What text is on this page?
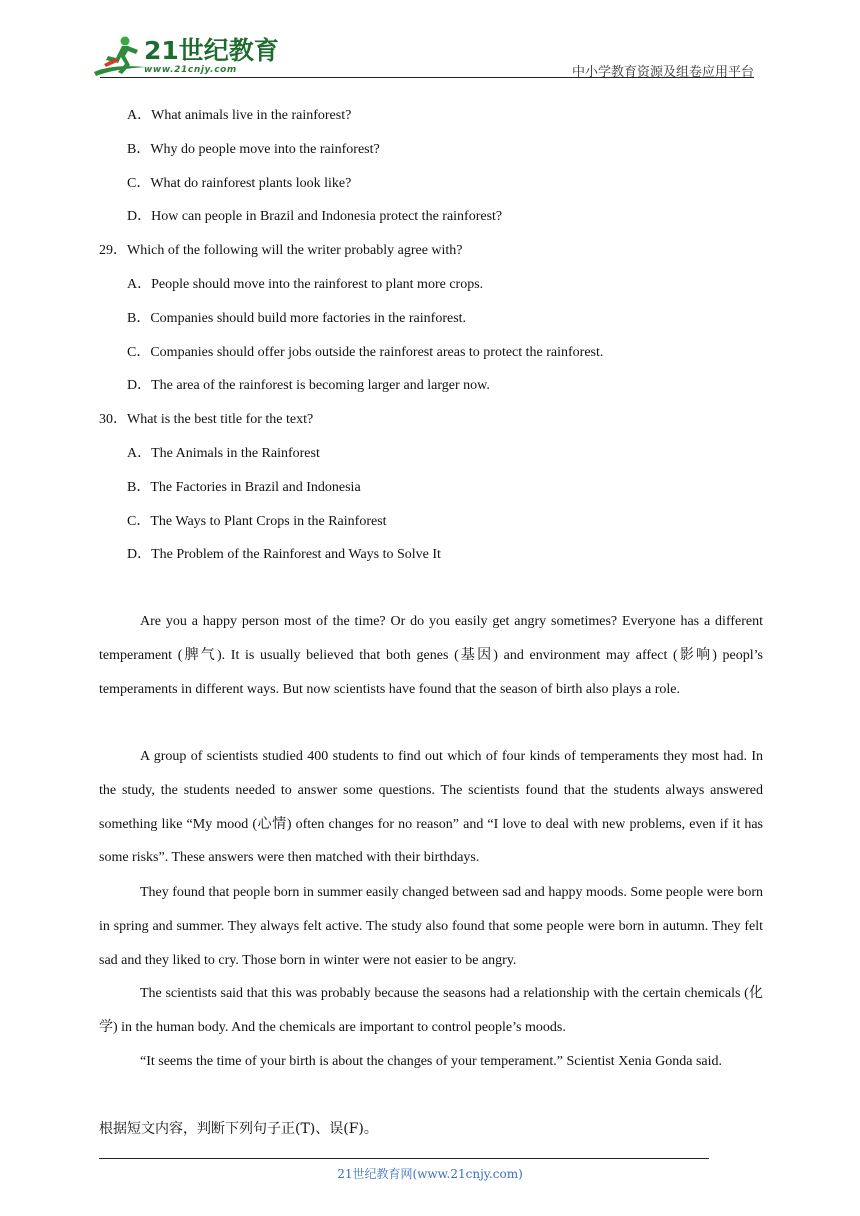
21世纪教育
www.21cnjy.com	中小学教育资源及组卷应用平台
A．What animals live in the rainforest?
B．Why do people move into the rainforest?
C．What do rainforest plants look like?
D．How can people in Brazil and Indonesia protect the rainforest?
29．Which of the following will the writer probably agree with?
A．People should move into the rainforest to plant more crops.
B．Companies should build more factories in the rainforest.
C．Companies should offer jobs outside the rainforest areas to protect the rainforest.
D．The area of the rainforest is becoming larger and larger now.
30．What is the best title for the text?
A．The Animals in the Rainforest
B．The Factories in Brazil and Indonesia
C．The Ways to Plant Crops in the Rainforest
D．The Problem of the Rainforest and Ways to Solve It

Are you a happy person most of the time? Or do you easily get angry sometimes? Everyone has a different temperament (脾气). It is usually believed that both genes (基因) and environment may affect (影响) peopl’s temperaments in different ways. But now scientists have found that the season of birth also plays a role.

A group of scientists studied 400 students to find out which of four kinds of temperaments they most had. In the study, the students needed to answer some questions. The scientists found that the students always answered something like “My mood (心情) often changes for no reason” and “I love to deal with new problems, even if it has some risks”. These answers were then matched with their birthdays.

They found that people born in summer easily changed between sad and happy moods. Some people were born in spring and summer. They always felt active. The study also found that some people were born in autumn. They felt sad and they liked to cry. Those born in winter were not easier to be angry.

The scientists said that this was probably because the seasons had a relationship with the certain chemicals (化学) in the human body. And the chemicals are important to control people’s moods.

“It seems the time of your birth is about the changes of your temperament.” Scientist Xenia Gonda said.

根据短文内容，判断下列句子正(T)、误(F)。
21世纪教育网(www.21cnjy.com)
